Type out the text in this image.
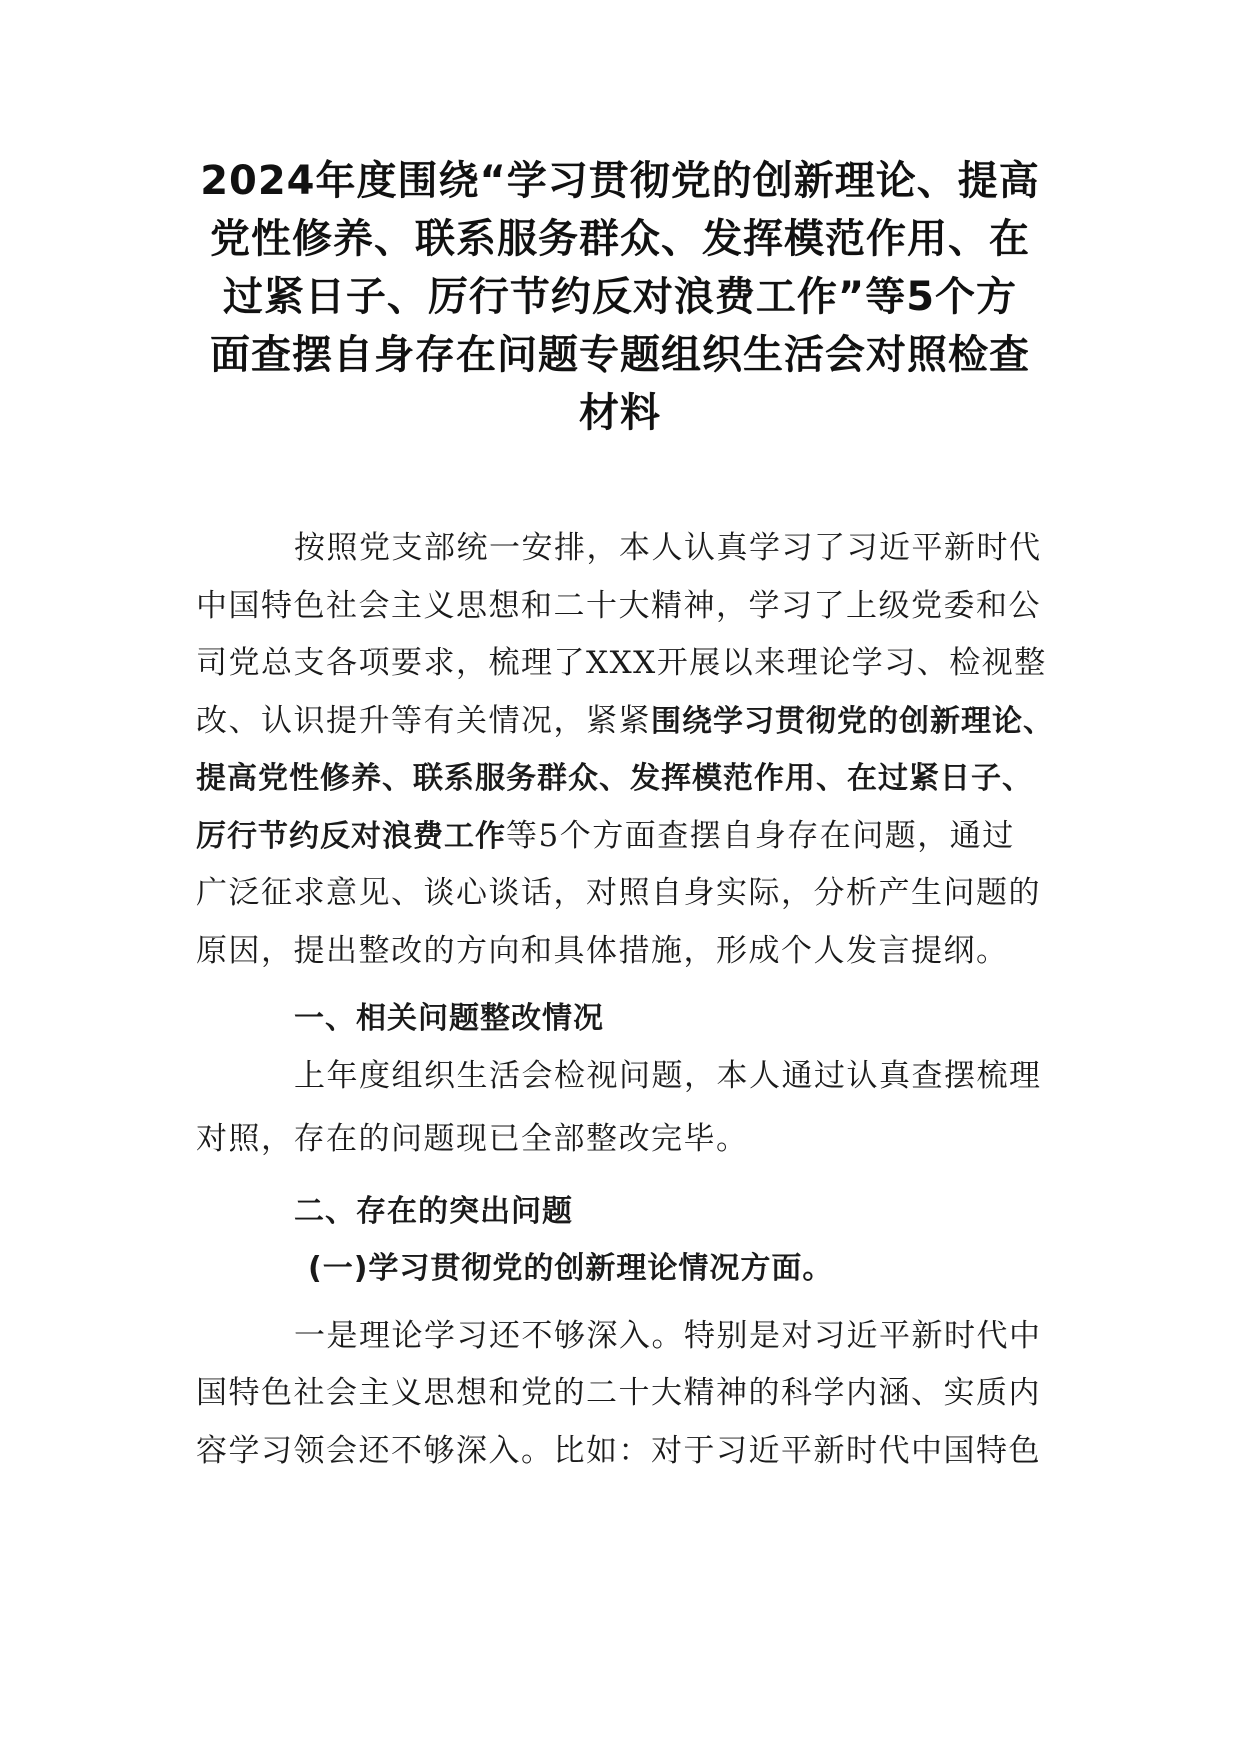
2024年度围绕“学习贯彻党的创新理论、提高
党性修养、联系服务群众、发挥模范作用、在
过紧日子、厉行节约反对浪费工作”等5个方
面查摆自身存在问题专题组织生活会对照检查
材料

按照党支部统一安排，本人认真学习了习近平新时代
中国特色社会主义思想和二十大精神，学习了上级党委和公
司党总支各项要求，梳理了XXX开展以来理论学习、检视整
改、认识提升等有关情况，紧紧围绕学习贯彻党的创新理论、
提高党性修养、联系服务群众、发挥模范作用、在过紧日子、
厉行节约反对浪费工作等5个方面查摆自身存在问题，通过
广泛征求意见、谈心谈话，对照自身实际，分析产生问题的
原因，提出整改的方向和具体措施，形成个人发言提纲。

一、相关问题整改情况

上年度组织生活会检视问题，本人通过认真查摆梳理
对照，存在的问题现已全部整改完毕。

二、存在的突出问题
(一)学习贯彻党的创新理论情况方面。

一是理论学习还不够深入。特别是对习近平新时代中
国特色社会主义思想和党的二十大精神的科学内涵、实质内
容学习领会还不够深入。比如：对于习近平新时代中国特色
